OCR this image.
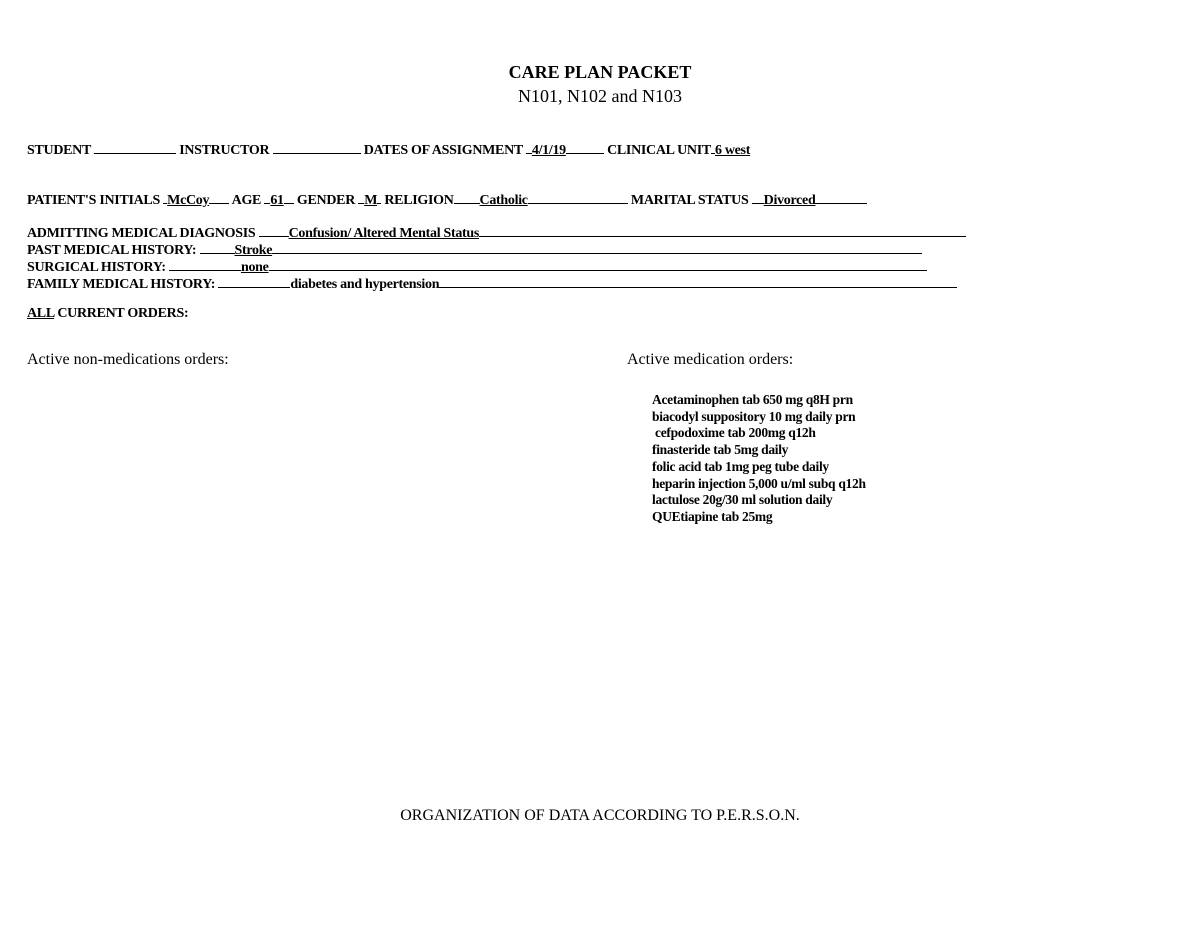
CARE PLAN PACKET
N101, N102 and N103
STUDENT	INSTRUCTOR	DATES OF ASSIGNMENT 4/1/19	CLINICAL UNIT 6 west
PATIENT'S INITIALS McCoy AGE 61 GENDER M RELIGION Catholic	MARITAL STATUS Divorced
ADMITTING MEDICAL DIAGNOSIS Confusion/ Altered Mental Status
PAST MEDICAL HISTORY:	Stroke
SURGICAL HISTORY:	none
FAMILY MEDICAL HISTORY:	diabetes and hypertension
ALL CURRENT ORDERS:
Active non-medications orders:	Active medication orders:
Acetaminophen tab 650 mg q8H prn
biacodyl suppository 10 mg daily prn
cefpodoxime tab 200mg q12h
finasteride tab 5mg daily
folic acid tab 1mg peg tube daily
heparin injection 5,000 u/ml subq q12h
lactulose 20g/30 ml solution daily
QUEtiapine tab 25mg
ORGANIZATION OF DATA ACCORDING TO P.E.R.S.O.N.
